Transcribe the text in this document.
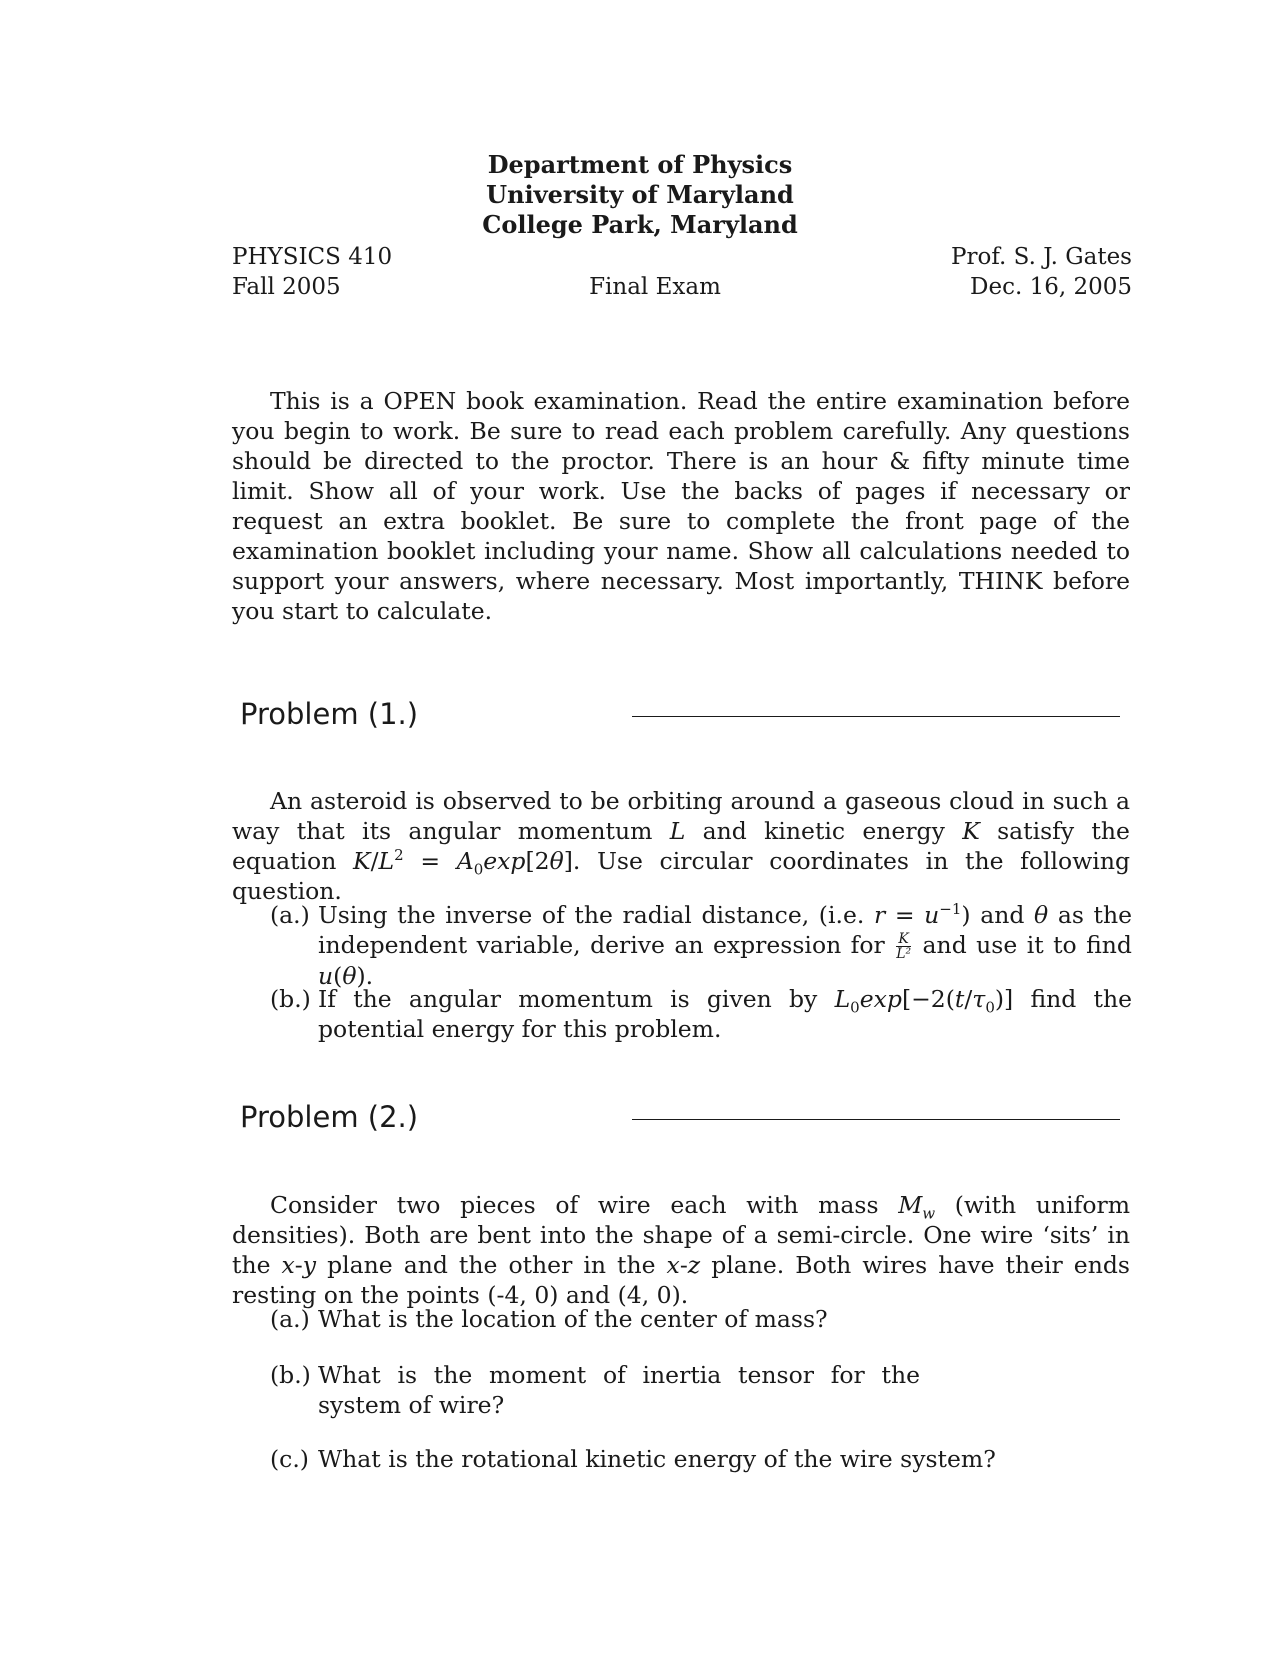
Department of Physics
University of Maryland
College Park, Maryland
PHYSICS 410
Fall 2005	Final Exam
Prof. S. J. Gates
Dec. 16, 2005
This is a OPEN book examination. Read the entire examination before you begin to work. Be sure to read each problem carefully. Any questions should be directed to the proctor. There is an hour & fifty minute time limit. Show all of your work. Use the backs of pages if necessary or request an extra booklet. Be sure to complete the front page of the examination booklet including your name. Show all calculations needed to support your answers, where necessary. Most importantly, THINK before you start to calculate.
Problem (1.)
An asteroid is observed to be orbiting around a gaseous cloud in such a way that its angular momentum L and kinetic energy K satisfy the equation $K/L^2 = A_0\exp[2\theta]$. Use circular coordinates in the following question.
(a.) Using the inverse of the radial distance, (i.e. $r = u^{-1}$) and θ as the independent variable, derive an expression for $\frac{K}{\text{L²}}$ and use it to find u(θ).
(b.) If the angular momentum is given by $L_0\exp[-2(t/\tau_0)]$ find the potential energy for this problem.
Problem (2.)
Consider two pieces of wire each with mass $M_w$ (with uniform densities). Both are bent into the shape of a semi-circle. One wire ‘sits’ in the x-y plane and the other in the x-z plane. Both wires have their ends resting on the points (-4, 0) and (4, 0).
(a.) What is the location of the center of mass?
(b.) What is the moment of inertia tensor for the system of wire?
(c.) What is the rotational kinetic energy of the wire system?
